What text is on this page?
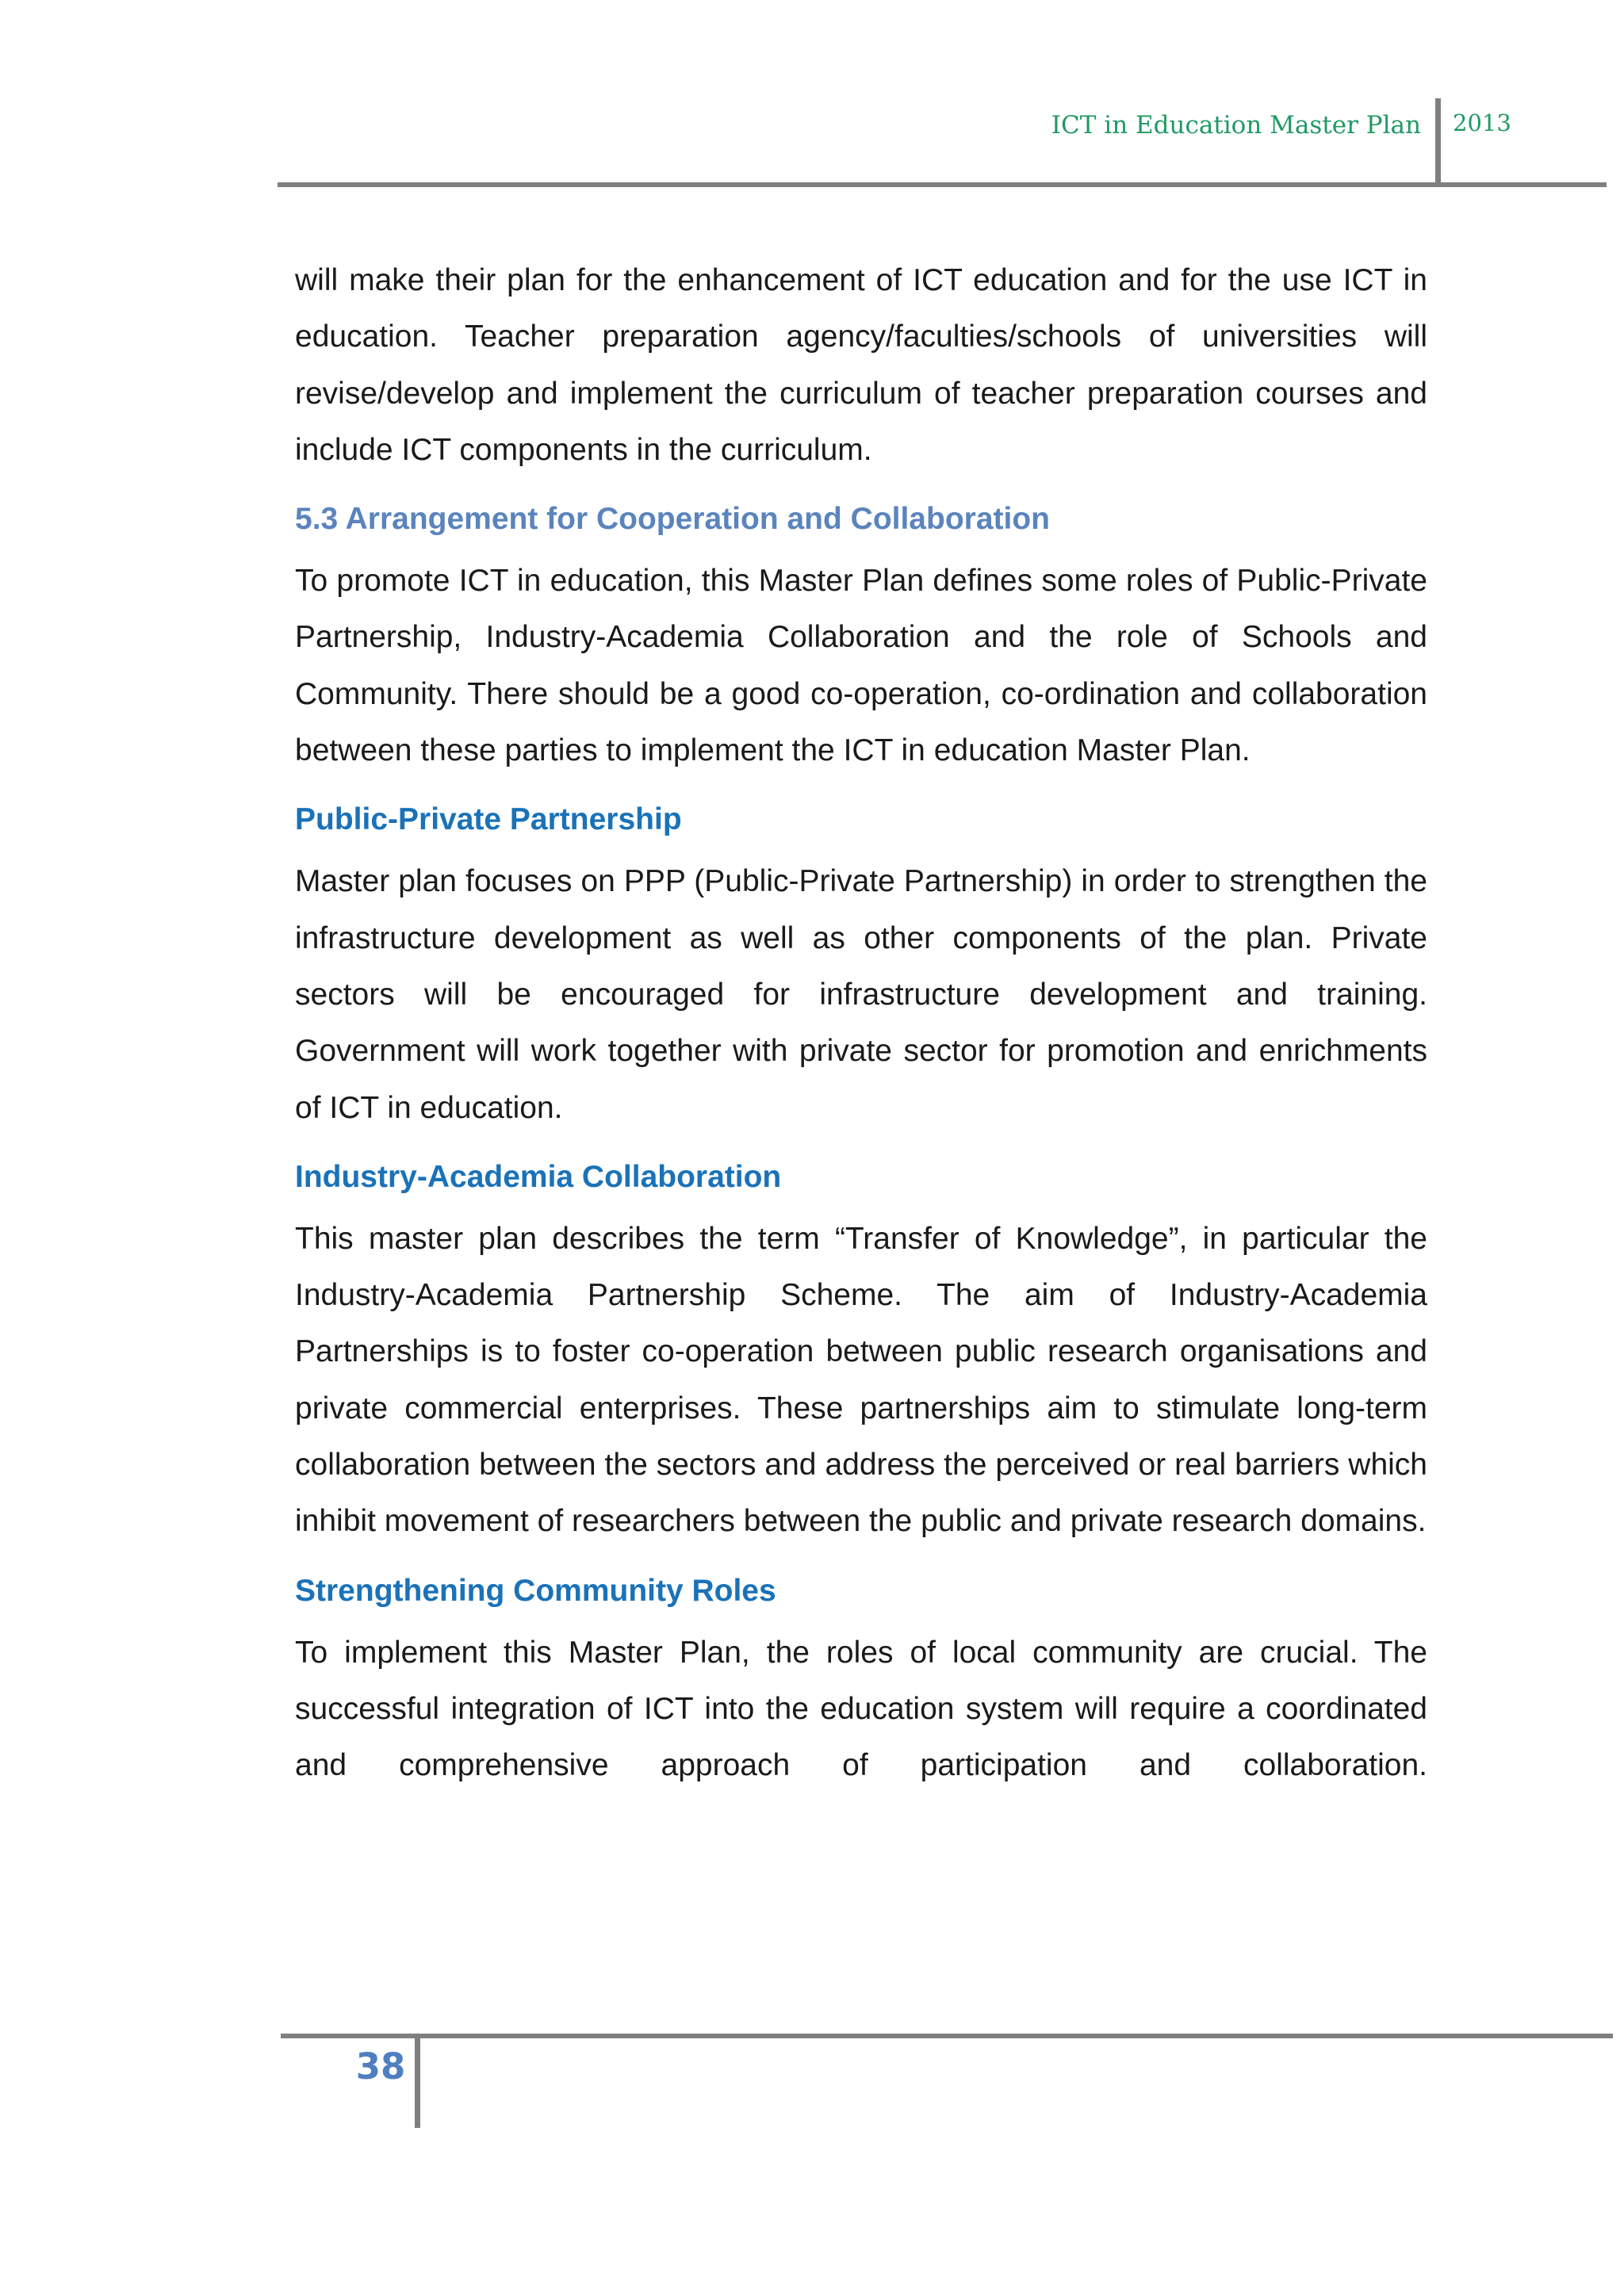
ICT in Education Master Plan 2013

will make their plan for the enhancement of ICT education and for the use ICT in education. Teacher preparation agency/faculties/schools of universities will revise/develop and implement the curriculum of teacher preparation courses and include ICT components in the curriculum.

5.3 Arrangement for Cooperation and Collaboration

To promote ICT in education, this Master Plan defines some roles of Public-Private Partnership, Industry-Academia Collaboration and the role of Schools and Community. There should be a good co-operation, co-ordination and collaboration between these parties to implement the ICT in education Master Plan.

Public-Private Partnership

Master plan focuses on PPP (Public-Private Partnership) in order to strengthen the infrastructure development as well as other components of the plan. Private sectors will be encouraged for infrastructure development and training. Government will work together with private sector for promotion and enrichments of ICT in education.

Industry-Academia Collaboration

This master plan describes the term “Transfer of Knowledge”, in particular the Industry-Academia Partnership Scheme. The aim of Industry-Academia Partnerships is to foster co-operation between public research organisations and private commercial enterprises. These partnerships aim to stimulate long-term collaboration between the sectors and address the perceived or real barriers which inhibit movement of researchers between the public and private research domains.

Strengthening Community Roles

To implement this Master Plan, the roles of local community are crucial. The successful integration of ICT into the education system will require a coordinated and comprehensive approach of participation and collaboration.

38
